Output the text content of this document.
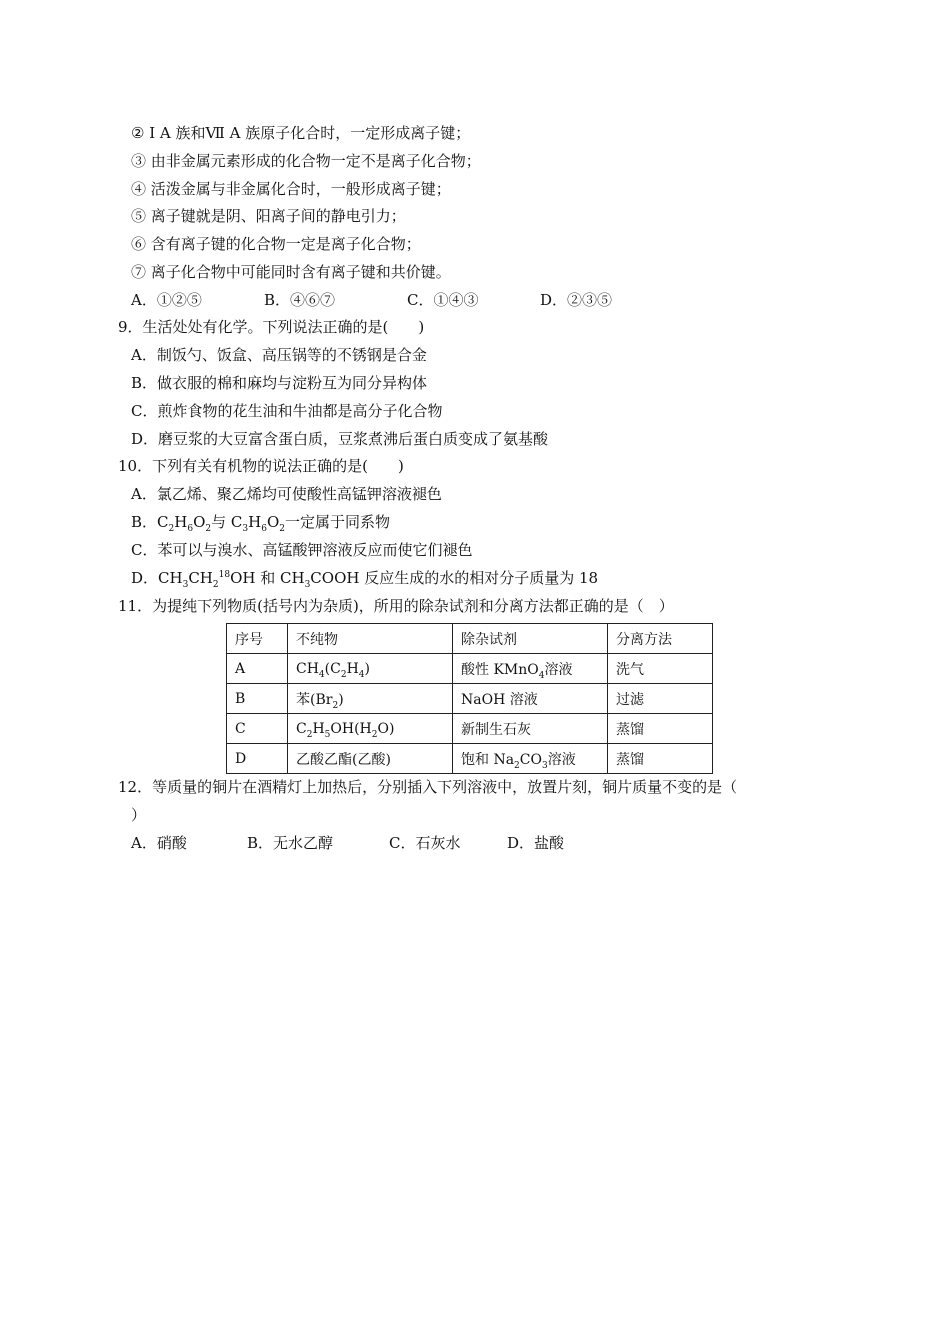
② Ⅰ A 族和Ⅶ A 族原子化合时，一定形成离子键；
③ 由非金属元素形成的化合物一定不是离子化合物；
④ 活泼金属与非金属化合时，一般形成离子键；
⑤ 离子键就是阴、阳离子间的静电引力；
⑥ 含有离子键的化合物一定是离子化合物；
⑦ 离子化合物中可能同时含有离子键和共价键。
A．①②⑤	B．④⑥⑦	C．①④③	D．②③⑤
9．生活处处有化学。下列说法正确的是(　　)
A．制饭勺、饭盒、高压锅等的不锈钢是合金
B．做衣服的棉和麻均与淀粉互为同分异构体
C．煎炸食物的花生油和牛油都是高分子化合物
D．磨豆浆的大豆富含蛋白质，豆浆煮沸后蛋白质变成了氨基酸
10．下列有关有机物的说法正确的是(　　)
A．氯乙烯、聚乙烯均可使酸性高锰钾溶液褪色
B．$C_2H_6O_2$与 $C_3H_6O_2$一定属于同系物
C．苯可以与溴水、高锰酸钾溶液反应而使它们褪色
D．$CH_3CH_2^{18}OH$ 和 $CH_3COOH$ 反应生成的水的相对分子质量为 18
11．为提纯下列物质(括号内为杂质)，所用的除杂试剂和分离方法都正确的是（　）
序号	不纯物	除杂试剂	分离方法
A	$CH_4(C_2H_4)$	酸性 KMnO$_4$溶液	洗气
B	苯$(Br_2)$	NaOH 溶液	过滤
C	$C_2H_5OH(H_2O)$	新制生石灰	蒸馏
D	乙酸乙酯(乙酸)	饱和 $Na_2CO_3$溶液	蒸馏
12．等质量的铜片在酒精灯上加热后，分别插入下列溶液中，放置片刻，铜片质量不变的是（
）
A．硝酸	B．无水乙醇	C．石灰水	D．盐酸
